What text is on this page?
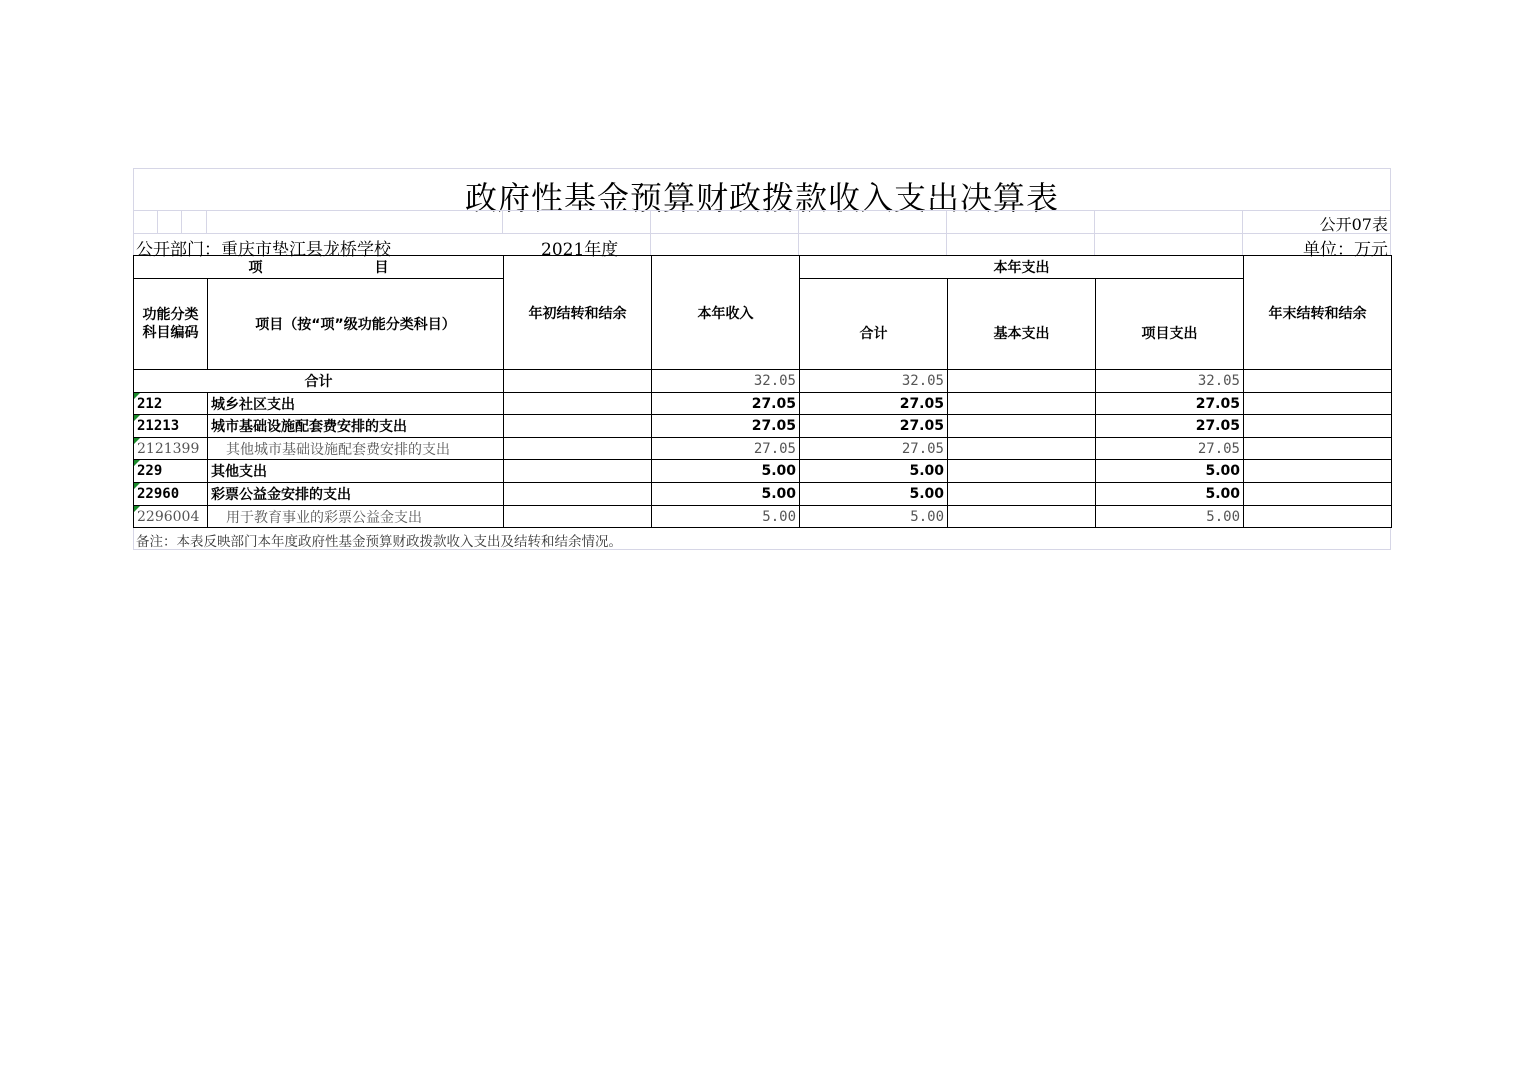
政府性基金预算财政拨款收入支出决算表
公开07表
公开部门：重庆市垫江县龙桥学校	2021年度	单位：万元
项　　　　　　　　目		年初结转和结余	本年收入	本年支出			年末结转和结余
功能分类科目编码	项目（按“项”级功能分类科目）			合计	基本支出	项目支出	
合计			32.05	32.05		32.05	

212	城乡社区支出		27.05	27.05		27.05	

21213	城市基础设施配套费安排的支出		27.05	27.05		27.05	

2121399	其他城市基础设施配套费安排的支出		27.05	27.05		27.05	

229	其他支出		5.00	5.00		5.00	

22960	彩票公益金安排的支出		5.00	5.00		5.00	

2296004	用于教育事业的彩票公益金支出		5.00	5.00		5.00	
备注：本表反映部门本年度政府性基金预算财政拨款收入支出及结转和结余情况。
